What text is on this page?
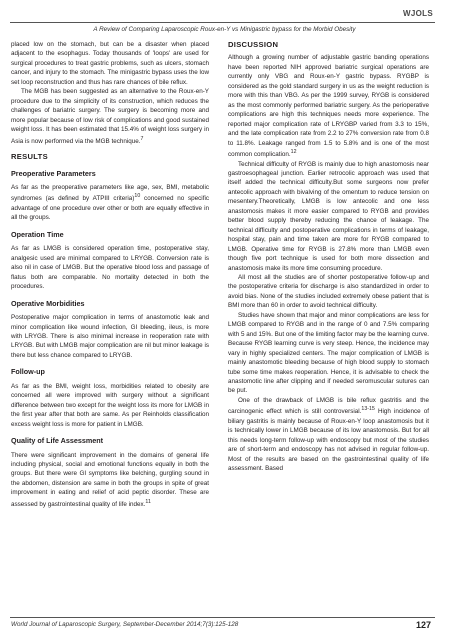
WJOLS
A Review of Comparing Laparoscopic Roux-en-Y vs Minigastric bypass for the Morbid Obesity

placed low on the stomach, but can be a disaster when placed adjacent to the esophagus. Today thousands of 'loops' are used for surgical procedures to treat gastric problems, such as ulcers, stomach cancer, and injury to the stomach. The minigastric bypass uses the low set loop reconstruction and thus has rare chances of bile reflux.

The MGB has been suggested as an alternative to the Roux-en-Y procedure due to the simplicity of its construction, which reduces the challenges of bariatric surgery. The surgery is becoming more and more popular because of low risk of complications and good sustained weight loss. It has been estimated that 15.4% of weight loss surgery in Asia is now performed via the MGB technique.$^7$

RESULTS
Preoperative Parameters

As far as the preoperative parameters like age, sex, BMI, metabolic syndromes (as defined by ATPIII criteria)$^{10}$ concerned no specific advantage of one procedure over other or both are equally effective in all the groups.

Operation Time

As far as LMGB is considered operation time, postoperative stay, analgesic used are minimal compared to LRYGB. Conversion rate is also nil in case of LMGB. But the operative blood loss and passage of flatus both are comparable. No mortality detected in both the procedures.

Operative Morbidities

Postoperative major complication in terms of anastomotic leak and minor complication like wound infection, GI bleeding, ileus, is more with LRYGB. There is also minimal increase in reoperation rate with LRYGB. But with LMGB major complication are nil but minor leakage is there but less chance compared to LRYGB.

Follow-up

As far as the BMI, weight loss, morbidities related to obesity are concerned all were improved with surgery without a significant difference between two except for the weight loss its more for LMGB in the first year after that both are same. As per Reinholds classification excess weight loss is more for patient in LMGB.

Quality of Life Assessment

There were significant improvement in the domains of general life including physical, social and emotional functions equally in both the groups. But there were GI symptoms like belching, gurgling sound in the abdomen, distension are same in both the groups in spite of great improvement in eating and relief of acid peptic disorder. These are assessed by gastrointestinal quality of life index.$^{11}$

DISCUSSION

Although a growing number of adjustable gastric banding operations have been reported NIH approved bariatric surgical operations are currently only VBG and Roux-en-Y gastric bypass. RYGBP is considered as the gold standard surgery in us as the weight reduction is more with this than VBG. As per the 1999 survey, RYGB is considered as the most commonly performed bariatric surgery. As the perioperative complications are high this techniques needs more experience. The reported major complication rate of LRYGBP varied from 3.3 to 15%, and the late complication rate from 2.2 to 27% conversion rate from 0.8 to 11.8%. Leakage ranged from 1.5 to 5.8% and is one of the most common complication.$^{12}$

Technical difficulty of RYGB is mainly due to high anastomosis near gastroesophageal junction. Earlier retrocolic approach was used that itself added the technical difficulty.But some surgeons now prefer antecolic approach with bivalving of the omentum to reduce tension on mesentery.Theoretically, LMGB is low antecolic and one less anastomosis makes it more easier compared to RYGB and provides better blood supply thereby reducing the chance of leakage. The technical difficulty and postoperative complications in terms of leakage, hospital stay, pain and time taken are more for RYGB compared to LMGB. Operative time for RYGB is 27.8% more than LMGB even though five port technique is used for both more dissection and anastomosis make its more time consuming procedure.

All most all the studies are of shorter postoperative follow-up and the postoperative criteria for discharge is also standardized in order to avoid bias. None of the studies included extremely obese patient that is BMI more than 60 in order to avoid technical difficulty.

Studies have shown that major and minor complications are less for LMGB compared to RYGB and in the range of 0 and 7.5% comparing with 5 and 15%. But one of the limiting factor may be the learning curve. Because RYGB learning curve is very steep. Hence, the incidence may vary in highly specialized centers. The major complication of LMGB is mainly anastomotic bleeding because of high blood supply to stomach tube some time makes reoperation. Hence, it is advisable to check the anastomotic line after clipping and if needed seromuscular sutures can be put.

One of the drawback of LMGB is bile reflux gastritis and the carcinogenic effect which is still controversial.$^{13-15}$ High incidence of biliary gastritis is mainly because of Roux-en-Y loop anastomosis but it is technically lower in LMGB because of its low anastomosis. But for all this needs long-term follow-up with endoscopy but most of the studies are of short-term and endoscopy has not advised in regular follow-up. Most of the results are based on the gastrointestinal quality of life assessment. Based

World Journal of Laparoscopic Surgery, September-December 2014;7(3):125-128	127
